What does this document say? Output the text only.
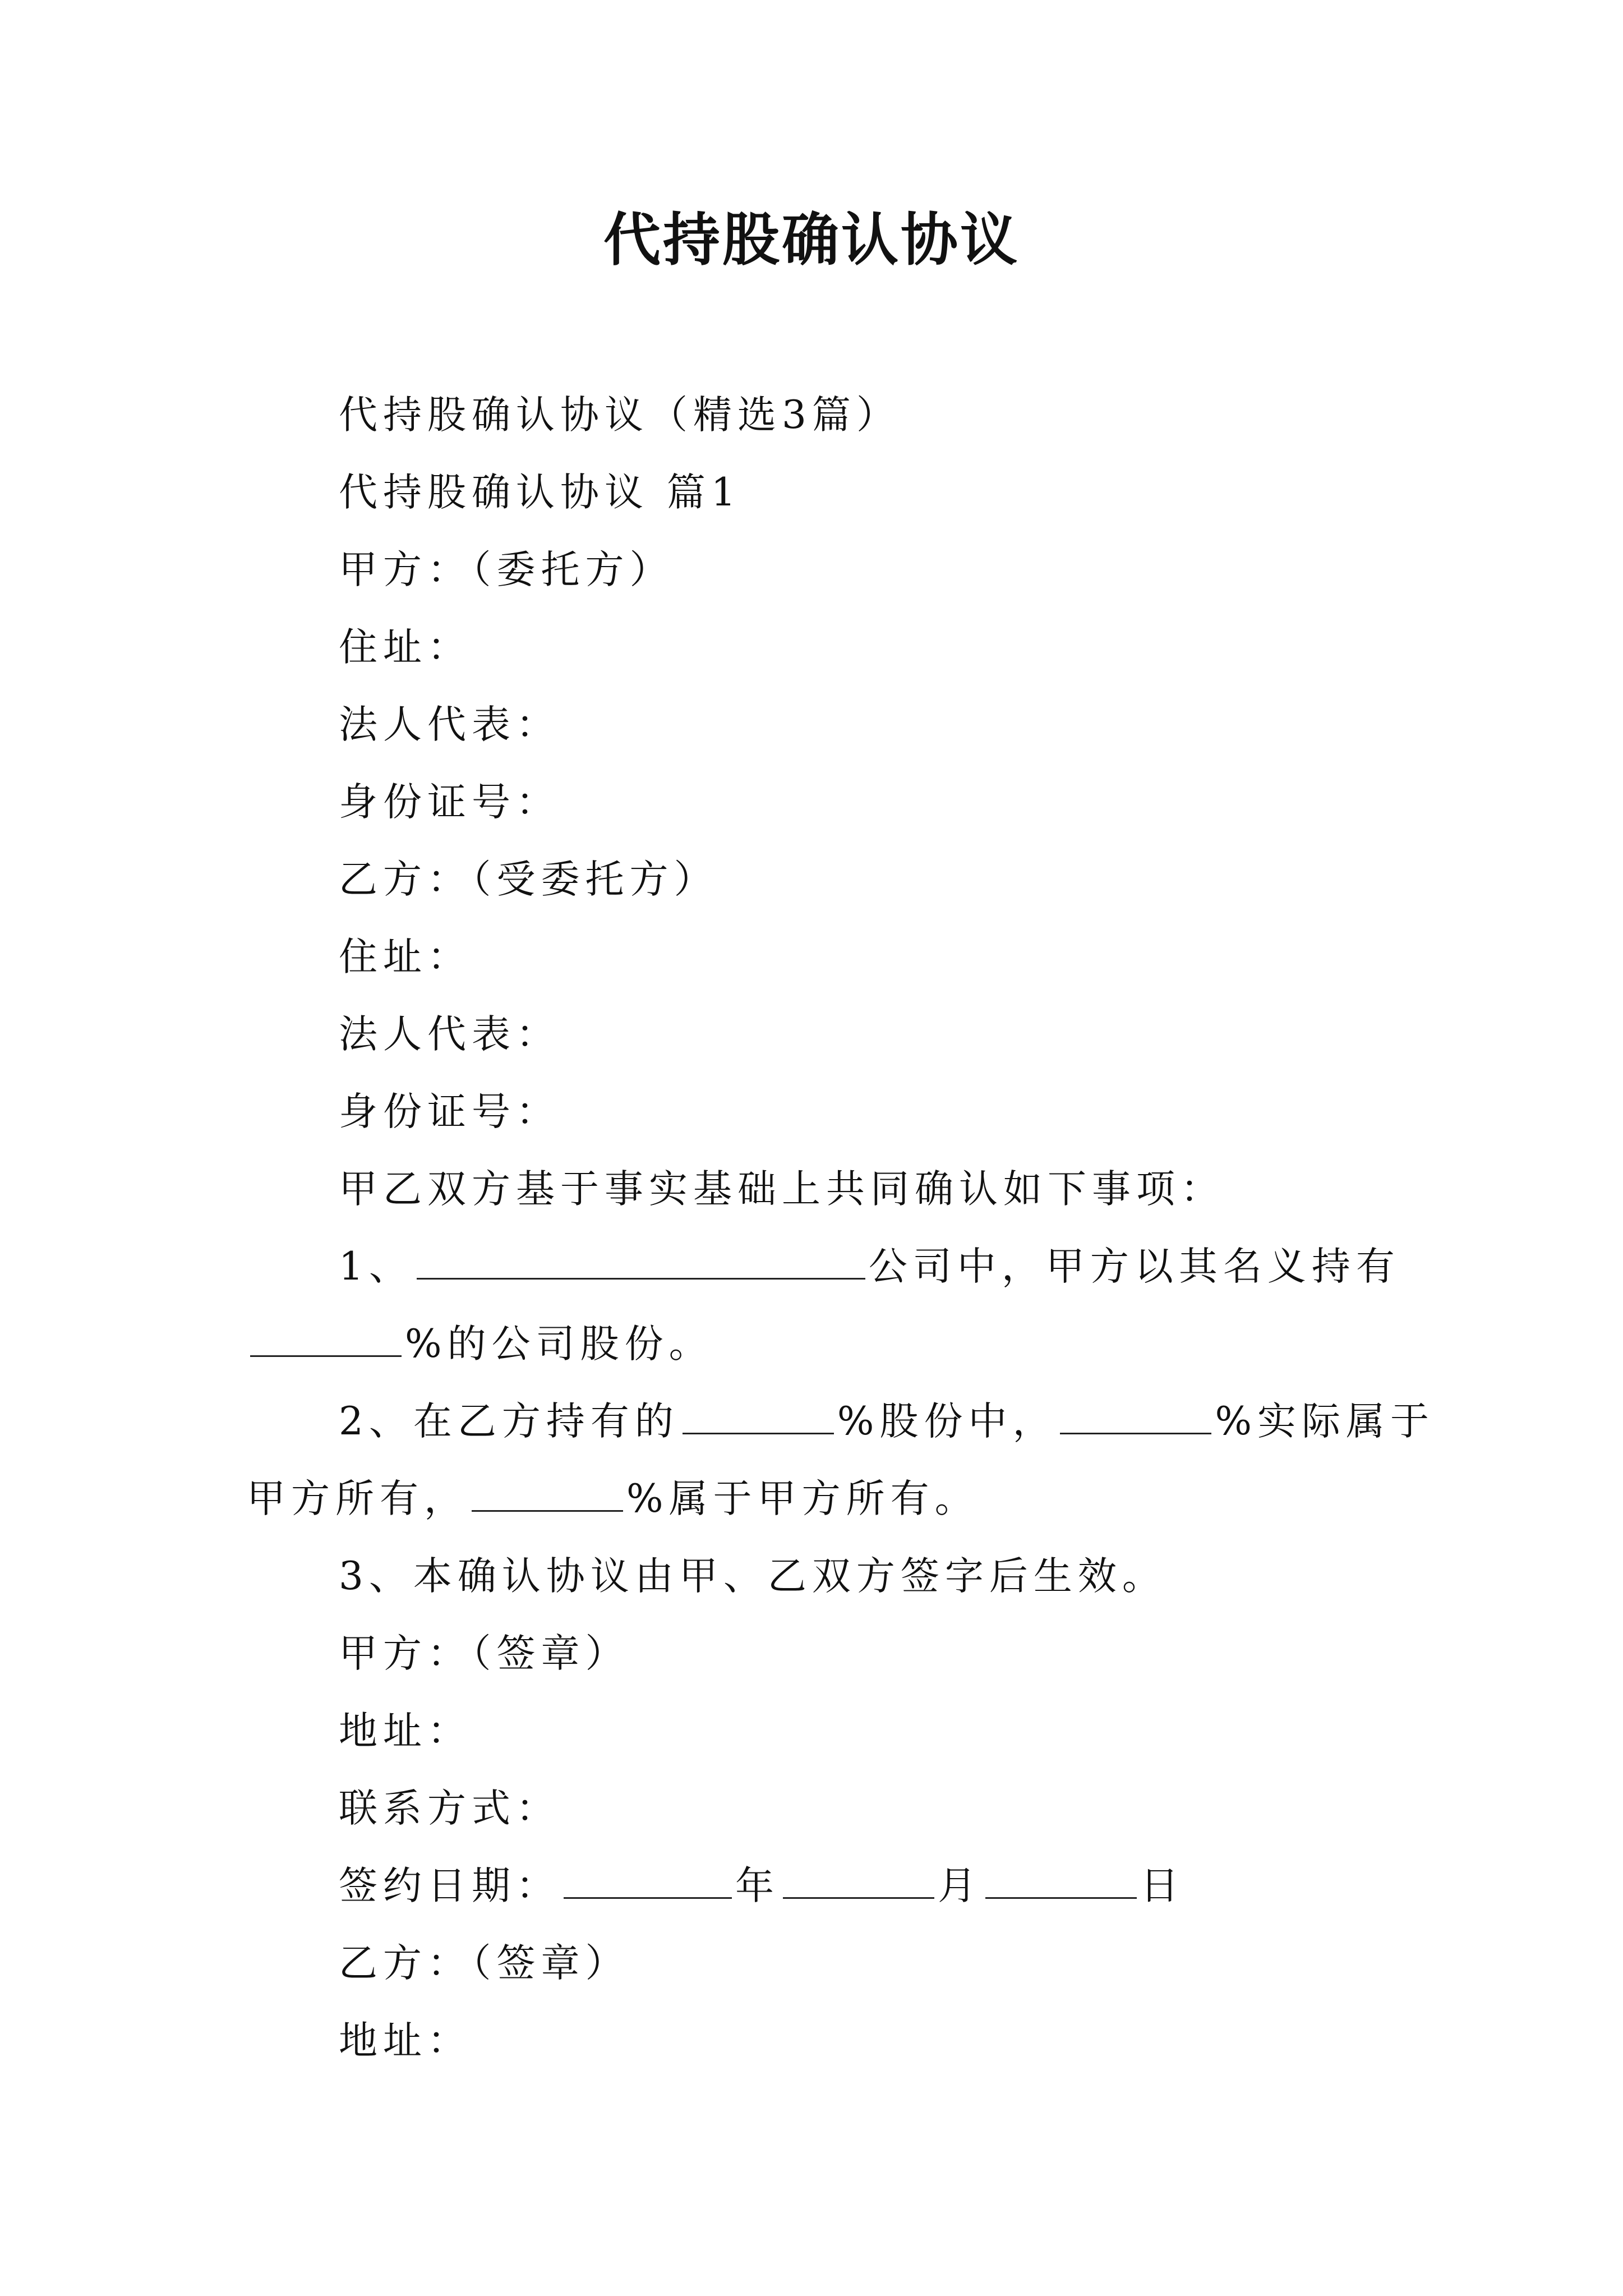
代持股确认协议
代持股确认协议（精选3篇）
代持股确认协议 篇1
甲方：（委托方）
住址：
法人代表：
身份证号：
乙方：（受委托方）
住址：
法人代表：
身份证号：
甲乙双方基于事实基础上共同确认如下事项：
1、	公司中，甲方以其名义持有
%的公司股份。
2、在乙方持有的	%股份中，	%实际属于
甲方所有，	%属于甲方所有。
3、本确认协议由甲、乙双方签字后生效。
甲方：（签章）
地址：
联系方式：
签约日期：	年	月	日
乙方：（签章）
地址：
